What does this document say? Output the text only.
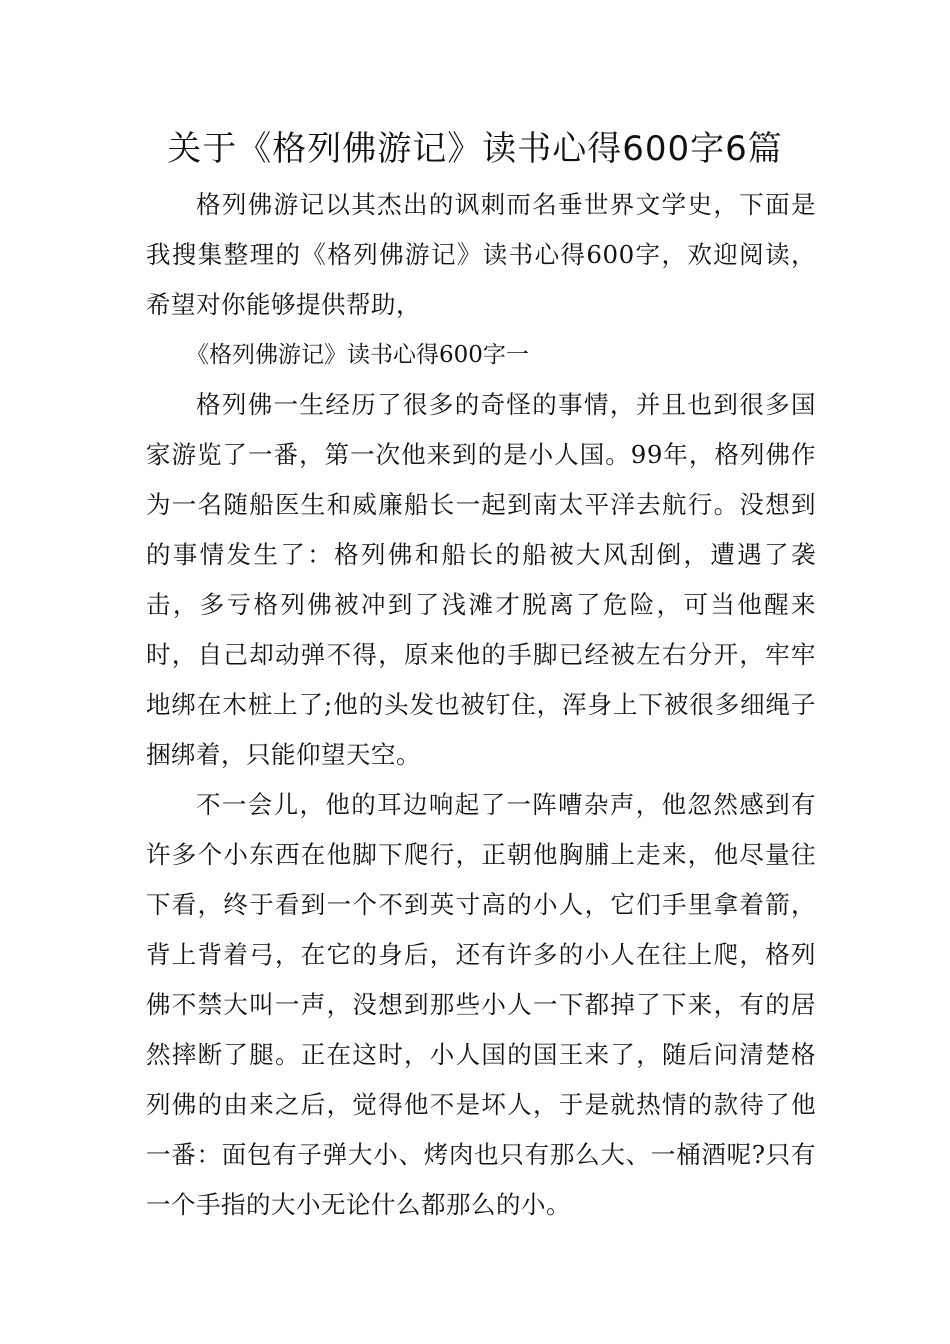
关于《格列佛游记》读书心得600字6篇

格列佛游记以其杰出的讽刺而名垂世界文学史，下面是我搜集整理的《格列佛游记》读书心得600字，欢迎阅读，希望对你能够提供帮助，

《格列佛游记》读书心得600字一

格列佛一生经历了很多的奇怪的事情，并且也到很多国家游览了一番，第一次他来到的是小人国。99年，格列佛作为一名随船医生和威廉船长一起到南太平洋去航行。没想到的事情发生了：格列佛和船长的船被大风刮倒，遭遇了袭击，多亏格列佛被冲到了浅滩才脱离了危险，可当他醒来时，自己却动弹不得，原来他的手脚已经被左右分开，牢牢地绑在木桩上了;他的头发也被钉住，浑身上下被很多细绳子捆绑着，只能仰望天空。

不一会儿，他的耳边响起了一阵嘈杂声，他忽然感到有许多个小东西在他脚下爬行，正朝他胸脯上走来，他尽量往下看，终于看到一个不到英寸高的小人，它们手里拿着箭，背上背着弓，在它的身后，还有许多的小人在往上爬，格列佛不禁大叫一声，没想到那些小人一下都掉了下来，有的居然摔断了腿。正在这时，小人国的国王来了，随后问清楚格列佛的由来之后，觉得他不是坏人，于是就热情的款待了他一番：面包有子弹大小、烤肉也只有那么大、一桶酒呢?只有一个手指的大小无论什么都那么的小。
